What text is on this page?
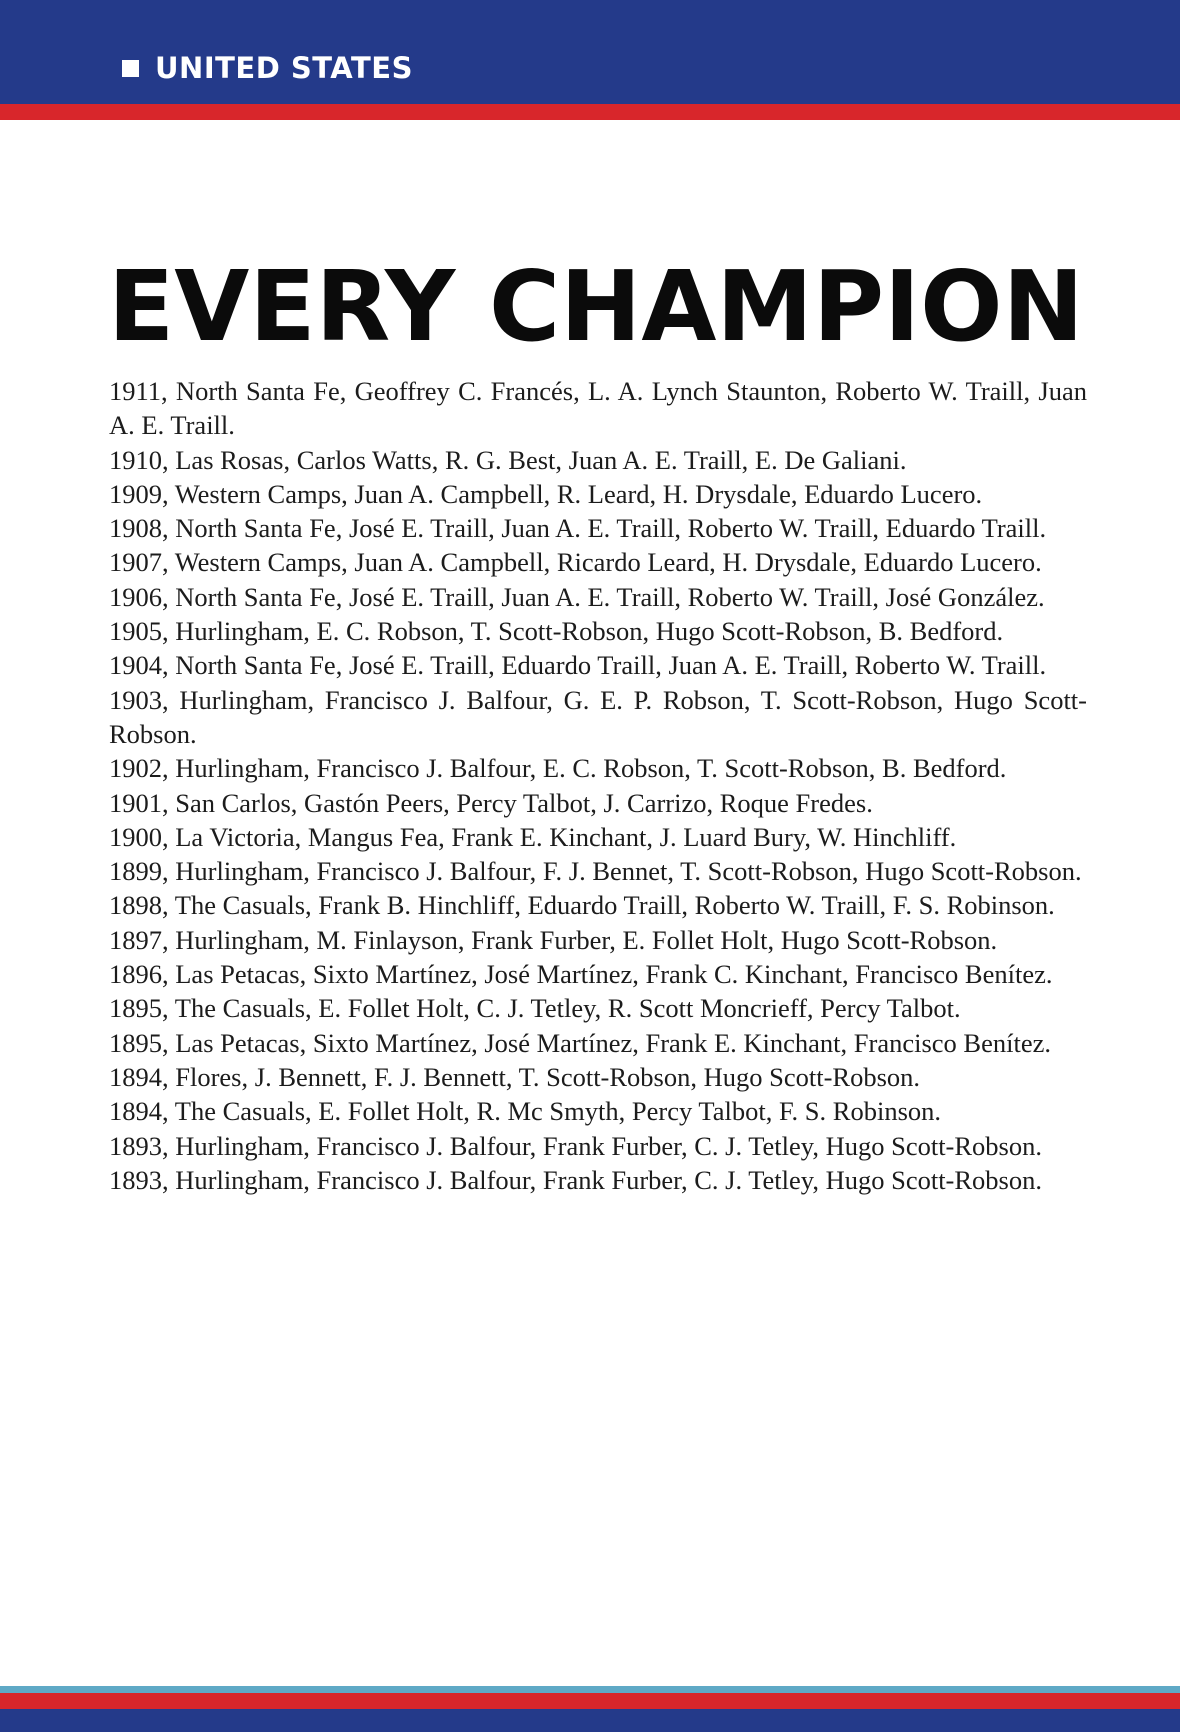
UNITED STATES
EVERY CHAMPION
1911, North Santa Fe, Geoffrey C. Francés, L. A. Lynch Staunton, Roberto W. Traill, Juan A. E. Traill.
1910, Las Rosas, Carlos Watts, R. G. Best, Juan A. E. Traill, E. De Galiani.
1909, Western Camps, Juan A. Campbell, R. Leard, H. Drysdale, Eduardo Lucero.
1908, North Santa Fe, José E. Traill, Juan A. E. Traill, Roberto W. Traill, Eduardo Traill.
1907, Western Camps, Juan A. Campbell, Ricardo Leard, H. Drysdale, Eduardo Lucero.
1906, North Santa Fe, José E. Traill, Juan A. E. Traill, Roberto W. Traill, José González.
1905, Hurlingham, E. C. Robson, T. Scott-Robson, Hugo Scott-Robson, B. Bedford.
1904, North Santa Fe, José E. Traill, Eduardo Traill, Juan A. E. Traill, Roberto W. Traill.
1903, Hurlingham, Francisco J. Balfour, G. E. P. Robson, T. Scott-Robson, Hugo Scott- Robson.
1902, Hurlingham, Francisco J. Balfour, E. C. Robson, T. Scott-Robson, B. Bedford.
1901, San Carlos, Gastón Peers, Percy Talbot, J. Carrizo, Roque Fredes.
1900, La Victoria, Mangus Fea, Frank E. Kinchant, J. Luard Bury, W. Hinchliff.
1899, Hurlingham, Francisco J. Balfour, F. J. Bennet, T. Scott-Robson, Hugo Scott-Robson.
1898, The Casuals, Frank B. Hinchliff, Eduardo Traill, Roberto W. Traill, F. S. Robinson.
1897, Hurlingham, M. Finlayson, Frank Furber, E. Follet Holt, Hugo Scott-Robson.
1896, Las Petacas, Sixto Martínez, José Martínez, Frank C. Kinchant, Francisco Benítez.
1895, The Casuals, E. Follet Holt, C. J. Tetley, R. Scott Moncrieff, Percy Talbot.
1895, Las Petacas, Sixto Martínez, José Martínez, Frank E. Kinchant, Francisco Benítez.
1894, Flores, J. Bennett, F. J. Bennett, T. Scott-Robson, Hugo Scott-Robson.
1894, The Casuals, E. Follet Holt, R. Mc Smyth, Percy Talbot, F. S. Robinson.
1893, Hurlingham, Francisco J. Balfour, Frank Furber, C. J. Tetley, Hugo Scott-Robson.
1893, Hurlingham, Francisco J. Balfour, Frank Furber, C. J. Tetley, Hugo Scott-Robson.
